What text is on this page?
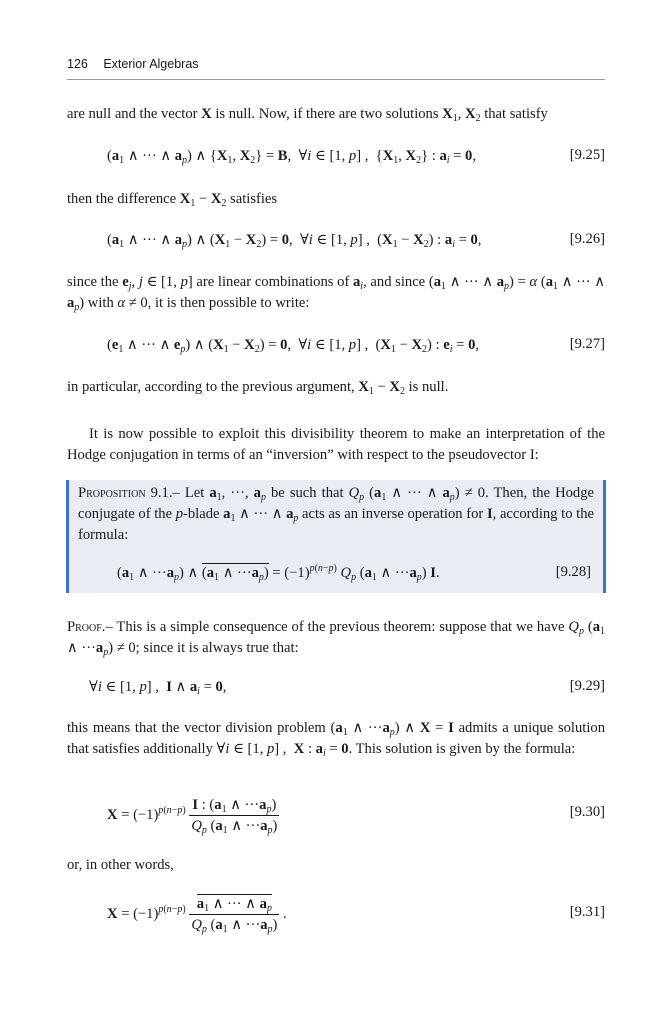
126 Exterior Algebras
are null and the vector X is null. Now, if there are two solutions $X_1$, $X_2$ that satisfy
($a_1$ ∧ ··· ∧ $a_p$) ∧ {$X_1$, $X_2\} = B$,  ∀i ∈ [1, p] ,  {$X_1$, $X_2$} : $a_i = 0$,	[9.25]
then the difference $X_1 - X_2$ satisfies
($a_1$ ∧ ··· ∧ $a_p$) ∧ $(X_1 - X_2) = 0$,  ∀i ∈ [1, p] ,  $(X_1 - X_2)$ : $a_i = 0$,	[9.26]
since the $e_j$, j ∈ [1, p] are linear combinations of $a_i$, and since ($a_1$ ∧ ··· ∧ $a_p) = \alpha$ ($a_1$ ∧ ··· ∧ $a_p$) with α ≠ 0, it is then possible to write:
($e_1$ ∧ ··· ∧ $e_p$) ∧ $(X_1 - X_2) = 0$,  ∀i ∈ [1, p] ,  $(X_1 - X_2)$ : $e_i = 0$,	[9.27]
in particular, according to the previous argument, $X_1 - X_2$ is null.
It is now possible to exploit this divisibility theorem to make an interpretation of the Hodge conjugation in terms of an “inversion” with respect to the pseudovector I:
Proposition 9.1.– Let $a_1$, ···, $a_p$ be such that $Q_p$ ($a_1$ ∧ ··· ∧ $a_p) \ne 0$. Then, the Hodge conjugate of the p-blade $a_1$ ∧ ··· ∧ $a_p$ acts as an inverse operation for I, according to the formula:
($a_1$ ∧ $\cdot\cdot\cdot a_p$) ∧ ($a_1$ ∧ $\cdot\cdot\cdot a_p) = (-1)^{p(n-p)}$ $Q_p$ ($a_1$ ∧ $\cdot\cdot\cdot a_p$) I.	[9.28]
Proof.– This is a simple consequence of the previous theorem: suppose that we have $Q_p$ ($a_1$ ∧ $\cdot\cdot\cdot a_p) \ne 0$; since it is always true that:
∀i ∈ [1, p] ,  I ∧ $a_i = 0$,	[9.29]
this means that the vector division problem ($a_1$ ∧ $\cdot\cdot\cdot a_p$) ∧ X = I admits a unique solution that satisfies additionally ∀i ∈ [1, p] ,  X : $a_i = 0$. This solution is given by the formula:
$X = (-1)^{p(n-p)} \frac{I : (a_1 \wedge \cdot\cdot\cdot a_p)}{Q_p (a_1 \wedge \cdot\cdot\cdot a_p)}$	[9.30]
or, in other words,
$X = (-1)^{p(n-p)} \frac{a_1 \wedge \cdot\cdot\cdot \wedge a_p}{Q_p (a_1 \wedge \cdot\cdot\cdot a_p)}$ .	[9.31]
